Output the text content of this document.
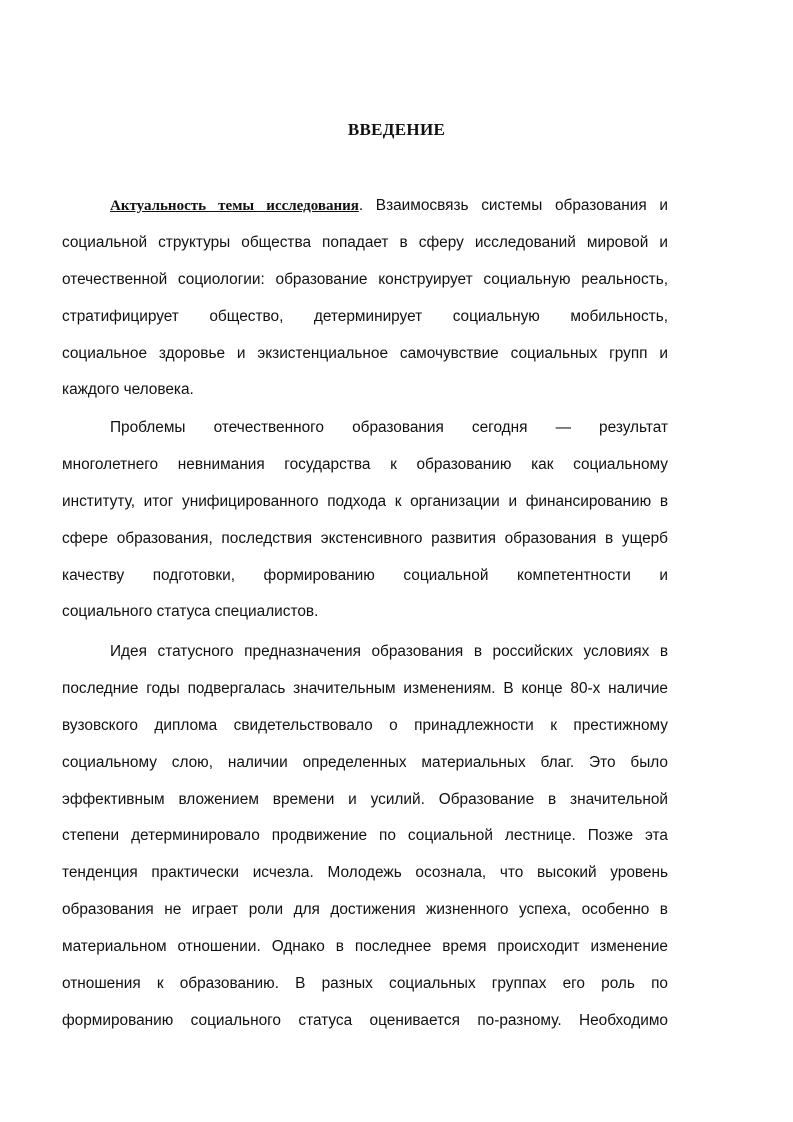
ВВЕДЕНИЕ
Актуальность темы исследования. Взаимосвязь системы образования и
социальной структуры общества попадает в сферу исследований мировой и
отечественной социологии: образование конструирует социальную реальность,
стратифицирует общество, детерминирует социальную мобильность,
социальное здоровье и экзистенциальное самочувствие социальных групп и
каждого человека.
Проблемы отечественного образования сегодня — результат
многолетнего невнимания государства к образованию как социальному
институту, итог унифицированного подхода к организации и финансированию в
сфере образования, последствия экстенсивного развития образования в ущерб
качеству подготовки, формированию социальной компетентности и
социального статуса специалистов.
Идея статусного предназначения образования в российских условиях в
последние годы подвергалась значительным изменениям. В конце 80-х наличие
вузовского диплома свидетельствовало о принадлежности к престижному
социальному слою, наличии определенных материальных благ. Это было
эффективным вложением времени и усилий. Образование в значительной
степени детерминировало продвижение по социальной лестнице. Позже эта
тенденция практически исчезла. Молодежь осознала, что высокий уровень
образования не играет роли для достижения жизненного успеха, особенно в
материальном отношении. Однако в последнее время происходит изменение
отношения к образованию. В разных социальных группах его роль по
формированию социального статуса оценивается по-разному. Необходимо
